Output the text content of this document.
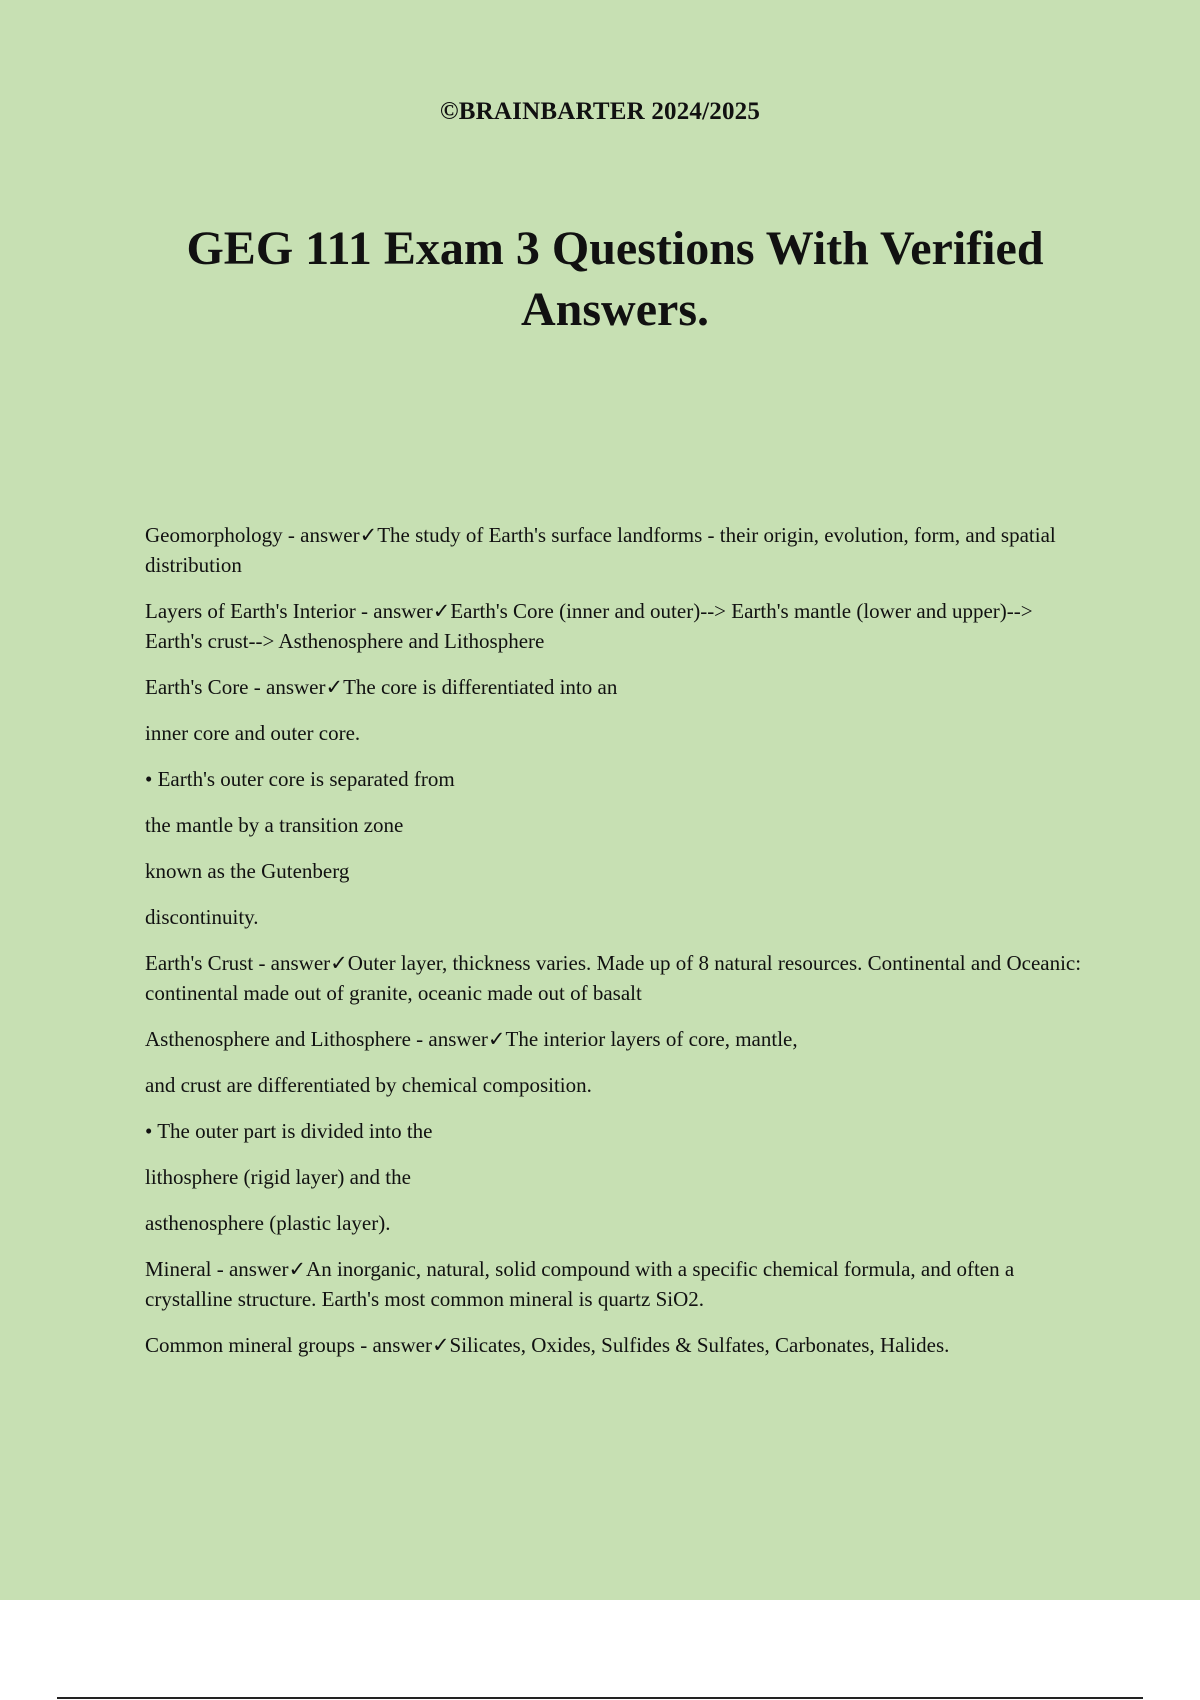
©BRAINBARTER 2024/2025
GEG 111 Exam 3 Questions With Verified Answers.

Geomorphology - answer✓The study of Earth's surface landforms - their origin, evolution, form, and spatial distribution

Layers of Earth's Interior - answer✓Earth's Core (inner and outer)--> Earth's mantle (lower and upper)--> Earth's crust--> Asthenosphere and Lithosphere

Earth's Core - answer✓The core is differentiated into an
inner core and outer core.
• Earth's outer core is separated from
the mantle by a transition zone
known as the Gutenberg
discontinuity.

Earth's Crust - answer✓Outer layer, thickness varies. Made up of 8 natural resources. Continental and Oceanic: continental made out of granite, oceanic made out of basalt

Asthenosphere and Lithosphere - answer✓The interior layers of core, mantle,
and crust are differentiated by chemical composition.
• The outer part is divided into the
lithosphere (rigid layer) and the
asthenosphere (plastic layer).

Mineral - answer✓An inorganic, natural, solid compound with a specific chemical formula, and often a crystalline structure. Earth's most common mineral is quartz SiO2.

Common mineral groups - answer✓Silicates, Oxides, Sulfides & Sulfates, Carbonates, Halides.
